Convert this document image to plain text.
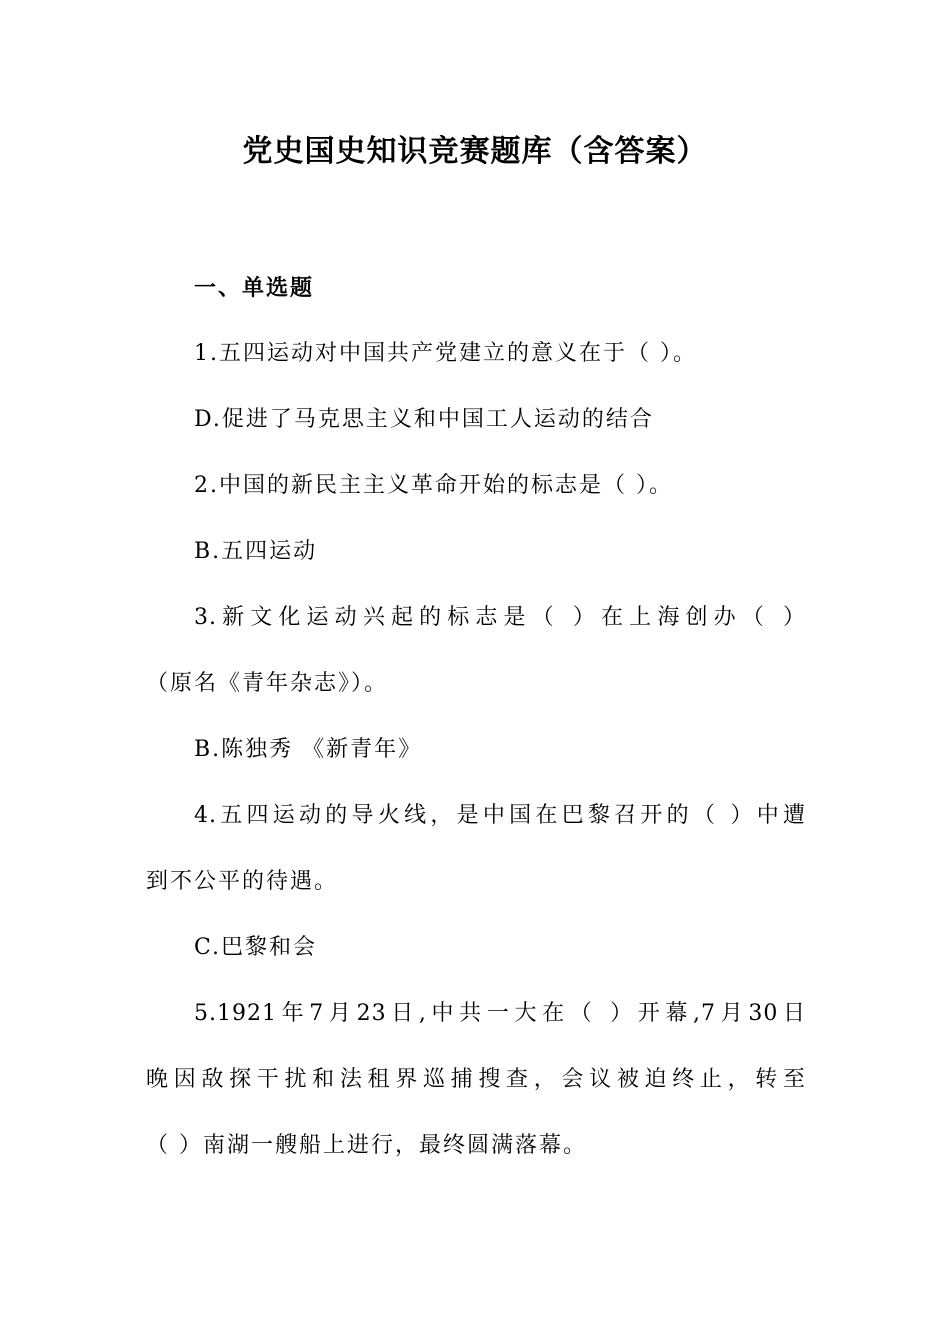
党史国史知识竞赛题库（含答案）
一、单选题
1.五四运动对中国共产党建立的意义在于（ ）。
D.促进了马克思主义和中国工人运动的结合
2.中国的新民主主义革命开始的标志是（ ）。
B.五四运动
3.新文化运动兴起的标志是（ ）在上海创办（ ）
（原名《青年杂志》）。
B.陈独秀 《新青年》
4.五四运动的导火线，是中国在巴黎召开的（ ）中遭
到不公平的待遇。
C.巴黎和会
5.1921年7月23日,中共一大在（ ）开幕,7月30日
晚因敌探干扰和法租界巡捕搜查，会议被迫终止，转至
（ ）南湖一艘船上进行，最终圆满落幕。
